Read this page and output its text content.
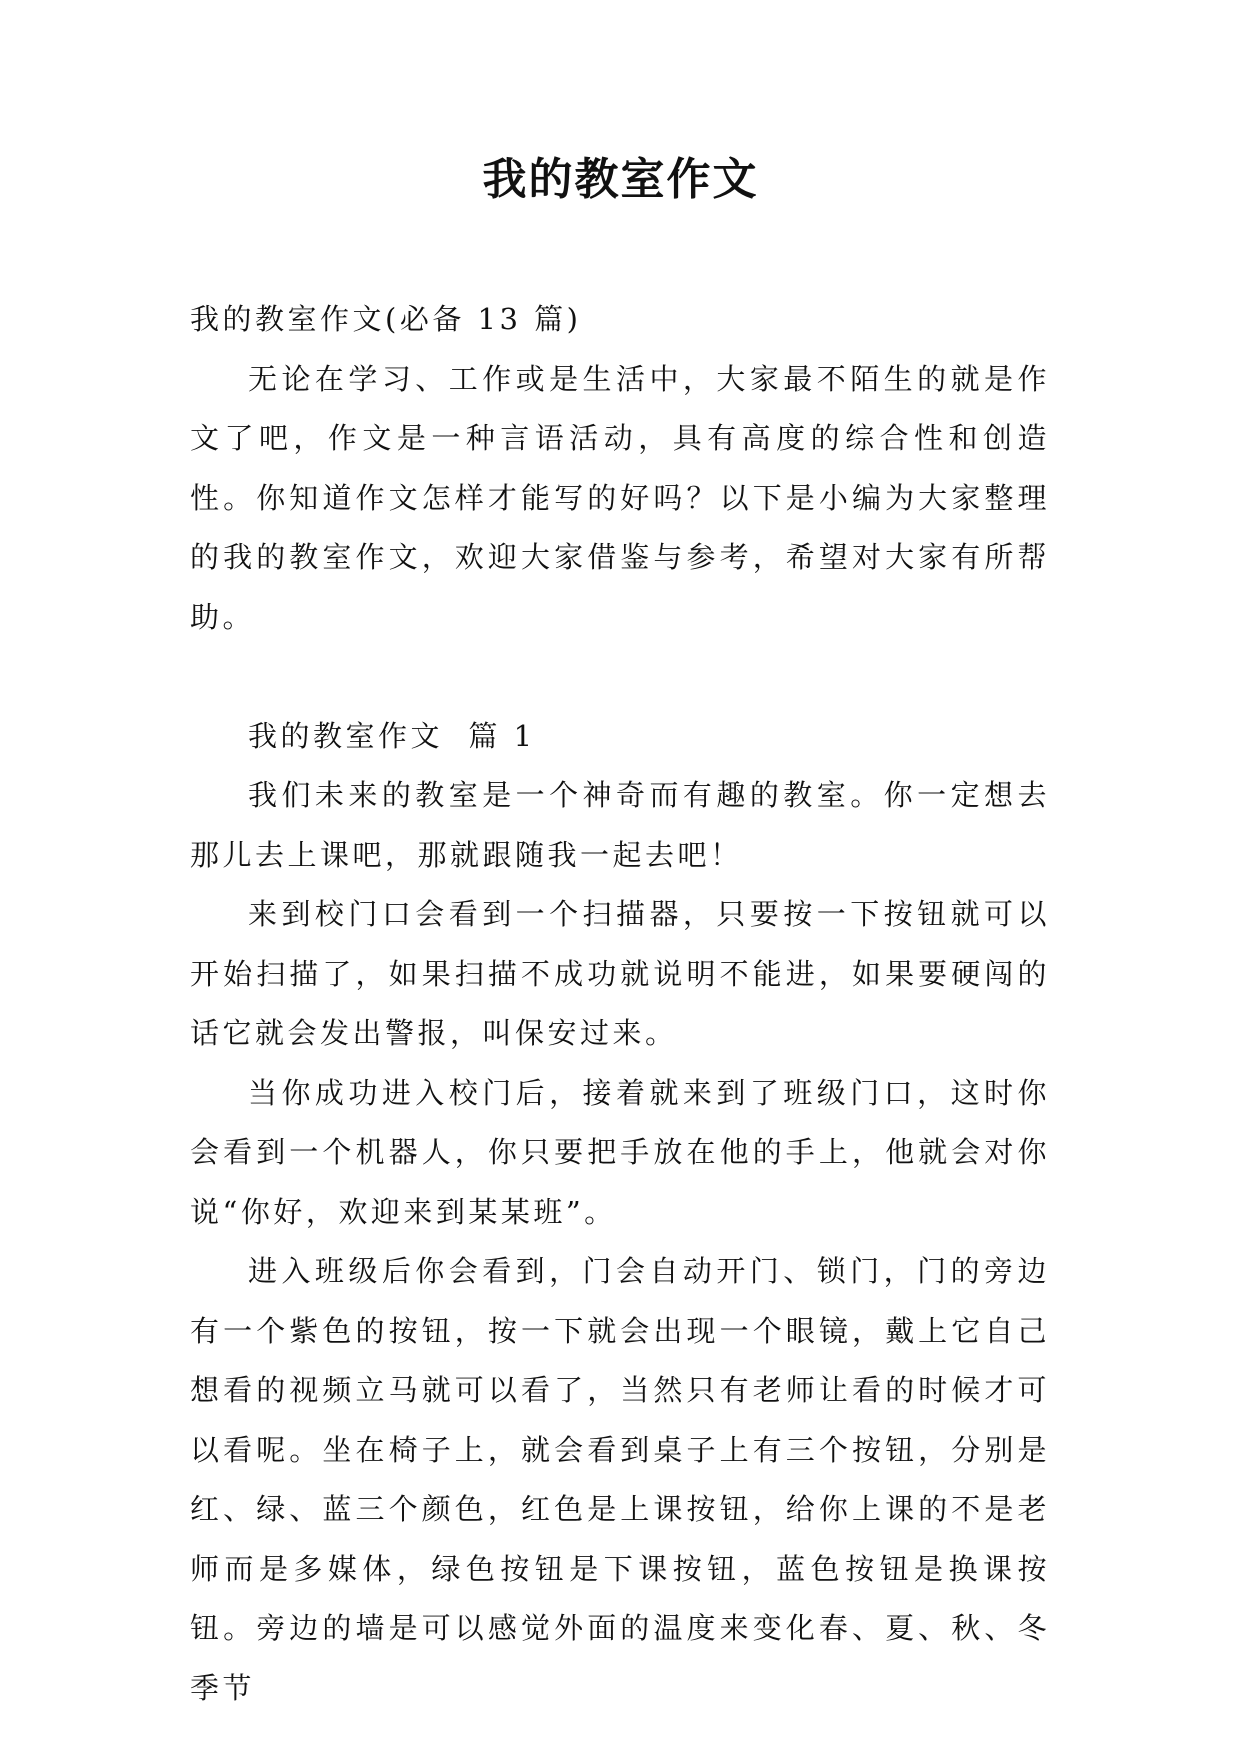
我的教室作文

我的教室作文(必备 13 篇)

无论在学习、工作或是生活中，大家最不陌生的就是作文了吧，作文是一种言语活动，具有高度的综合性和创造性。你知道作文怎样才能写的好吗？以下是小编为大家整理的我的教室作文，欢迎大家借鉴与参考，希望对大家有所帮助。

我的教室作文  篇 1

我们未来的教室是一个神奇而有趣的教室。你一定想去那儿去上课吧，那就跟随我一起去吧！

来到校门口会看到一个扫描器，只要按一下按钮就可以开始扫描了，如果扫描不成功就说明不能进，如果要硬闯的话它就会发出警报，叫保安过来。

当你成功进入校门后，接着就来到了班级门口，这时你会看到一个机器人，你只要把手放在他的手上，他就会对你说“你好，欢迎来到某某班”。

进入班级后你会看到，门会自动开门、锁门，门的旁边有一个紫色的按钮，按一下就会出现一个眼镜，戴上它自己想看的视频立马就可以看了，当然只有老师让看的时候才可以看呢。坐在椅子上，就会看到桌子上有三个按钮，分别是红、绿、蓝三个颜色，红色是上课按钮，给你上课的不是老师而是多媒体，绿色按钮是下课按钮，蓝色按钮是换课按钮。旁边的墙是可以感觉外面的温度来变化春、夏、秋、冬季节
